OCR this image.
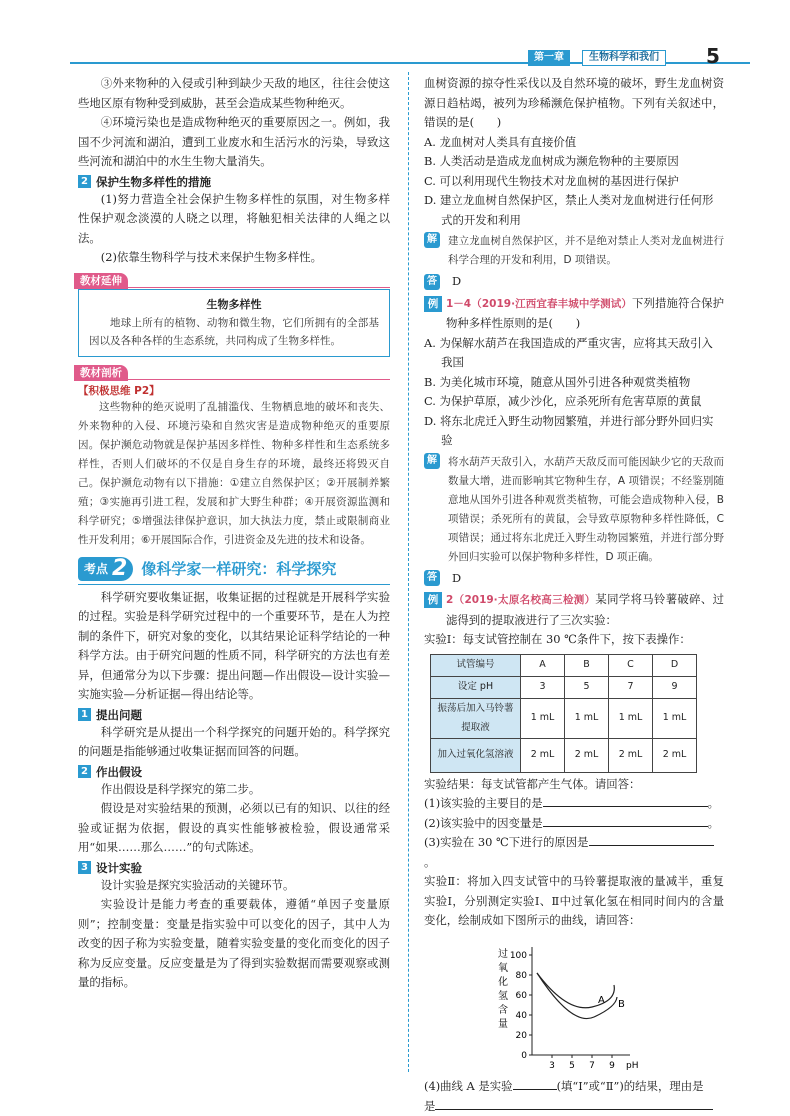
第一章	生物科学和我们	5

③外来物种的入侵或引种到缺少天敌的地区，往往会使这些地区原有物种受到威胁，甚至会造成某些物种绝灭。

④环境污染也是造成物种绝灭的重要原因之一。例如，我国不少河流和湖泊，遭到工业废水和生活污水的污染，导致这些河流和湖泊中的水生生物大量消失。

2 保护生物多样性的措施

(1)努力营造全社会保护生物多样性的氛围，对生物多样性保护观念淡漠的人晓之以理，将触犯相关法律的人绳之以法。

(2)依靠生物科学与技术来保护生物多样性。

教材延伸
生物多样性

地球上所有的植物、动物和微生物，它们所拥有的全部基因以及各种各样的生态系统，共同构成了生物多样性。

教材剖析
【积极思维 P2】

这些物种的绝灭说明了乱捕滥伐、生物栖息地的破坏和丧失、外来物种的入侵、环境污染和自然灾害是造成物种绝灭的重要原因。保护濒危动物就是保护基因多样性、物种多样性和生态系统多样性，否则人们破坏的不仅是自身生存的环境，最终还将毁灭自己。保护濒危动物有以下措施：①建立自然保护区；②开展制养繁殖；③实施再引进工程，发展和扩大野生种群；④开展资源监测和科学研究；⑤增强法律保护意识，加大执法力度，禁止或限制商业性开发利用；⑥开展国际合作，引进资金及先进的技术和设备。

考点 2 像科学家一样研究：科学探究

科学研究要收集证据，收集证据的过程就是开展科学实验的过程。实验是科学研究过程中的一个重要环节，是在人为控制的条件下，研究对象的变化，以其结果论证科学结论的一种科学方法。由于研究问题的性质不同，科学研究的方法也有差异，但通常分为以下步骤：提出问题—作出假设—设计实验—实施实验—分析证据—得出结论等。

1 提出问题

科学研究是从提出一个科学探究的问题开始的。科学探究的问题是指能够通过收集证据而回答的问题。

2 作出假设

作出假设是科学探究的第二步。

假设是对实验结果的预测，必须以已有的知识、以往的经验或证据为依据，假设的真实性能够被检验，假设通常采用“如果……那么……”的句式陈述。

3 设计实验

设计实验是探究实验活动的关键环节。

实验设计是能力考查的重要载体，遵循“单因子变量原则”；控制变量：变量是指实验中可以变化的因子，其中人为改变的因子称为实验变量，随着实验变量的变化而变化的因子称为反应变量。反应变量是为了得到实验数据而需要观察或测量的指标。

血树资源的掠夺性采伐以及自然环境的破坏，野生龙血树资源日趋枯竭，被列为珍稀濒危保护植物。下列有关叙述中，错误的是(　　)

A. 龙血树对人类具有直接价值
B. 人类活动是造成龙血树成为濒危物种的主要原因
C. 可以利用现代生物技术对龙血树的基因进行保护
D. 建立龙血树自然保护区，禁止人类对龙血树进行任何形式的开发和利用
解 建立龙血树自然保护区，并不是绝对禁止人类对龙血树进行科学合理的开发和利用，D 项错误。

答 D
例 1－4（2019·江西宜春丰城中学测试）下列措施符合保护物种多样性原则的是(　　)

A. 为保解水葫芦在我国造成的严重灾害，应将其天敌引入我国
B. 为美化城市环境，随意从国外引进各种观赏类植物
C. 为保护草原，减少沙化，应杀死所有危害草原的黄鼠
D. 将东北虎迁入野生动物园繁殖，并进行部分野外回归实验
解 将水葫芦天敌引入，水葫芦天敌反而可能因缺少它的天敌而数量大增，进而影响其它物种生存，A 项错误；不经鉴别随意地从国外引进各种观赏类植物，可能会造成物种入侵，B 项错误；杀死所有的黄鼠，会导致草原物种多样性降低，C 项错误；通过将东北虎迁入野生动物园繁殖，并进行部分野外回归实验可以保护物种多样性，D 项正确。

答 D
例 2（2019·太原名校高三检测）某同学将马铃薯破碎、过滤得到的提取液进行了三次实验：

实验Ⅰ：每支试管控制在 30 ℃条件下，按下表操作：

试管编号	A	B	C	D
设定 pH	3	5	7	9
振荡后加入马铃薯提取液	1 mL	1 mL	1 mL	1 mL
加入过氧化氢溶液	2 mL	2 mL	2 mL	2 mL

实验结果：每支试管都产生气体。请回答：

(1)该实验的主要目的是	。
(2)该实验中的因变量是	。
(3)实验在 30 ℃下进行的原因是。

实验Ⅱ：将加入四支试管中的马铃薯提取液的量减半，重复实验Ⅰ，分别测定实验Ⅰ、Ⅱ中过氧化氢在相同时间内的含量变化，绘制成如下图所示的曲线，请回答：

过
氧
化
氢
含
量
100
80
60
40
20
0
3 5 7 9 pH
A B
(4)曲线 A 是实验	(填“Ⅰ”或“Ⅱ”)的结果，理由是
是
